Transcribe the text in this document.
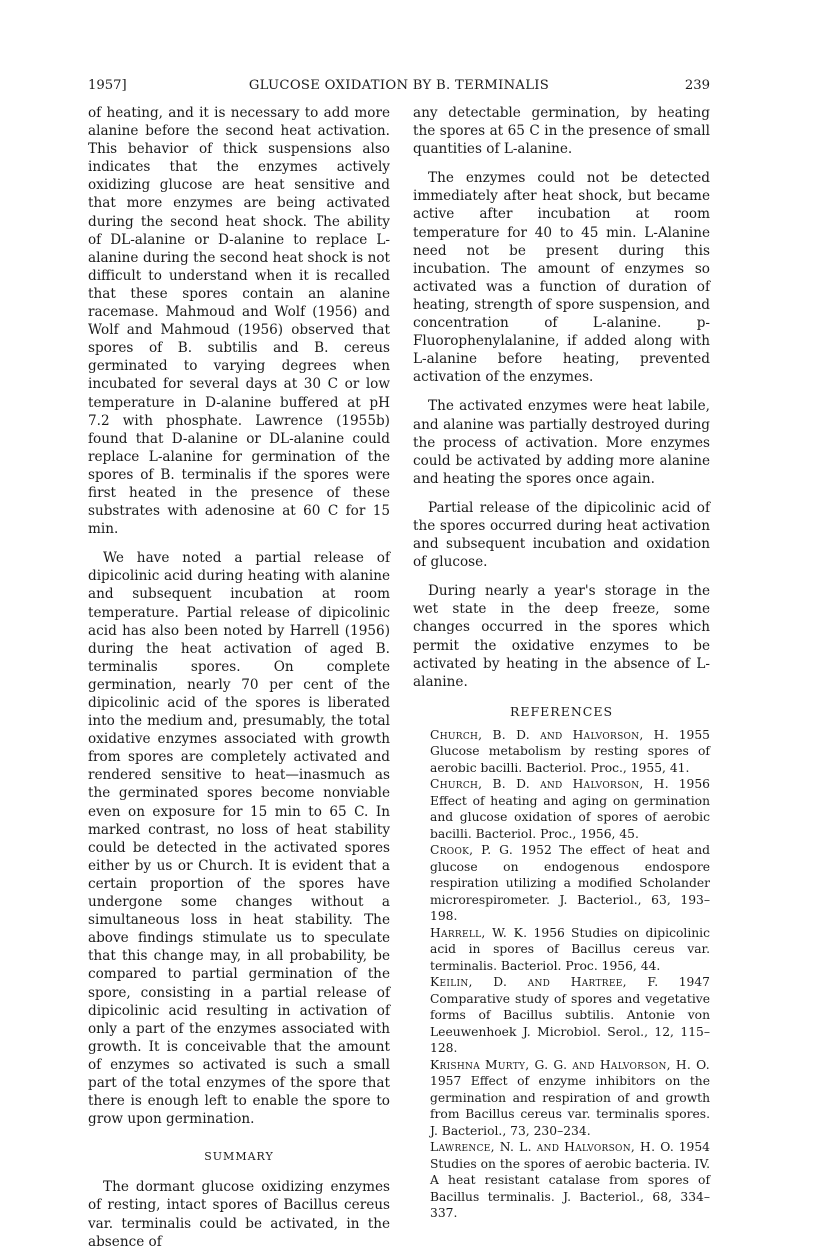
1957]	GLUCOSE OXIDATION BY B. TERMINALIS	239

of heating, and it is necessary to add more alanine before the second heat activation. This behavior of thick suspensions also indicates that the enzymes actively oxidizing glucose are heat sensitive and that more enzymes are being activated during the second heat shock. The ability of DL-alanine or D-alanine to replace L-alanine during the second heat shock is not difficult to understand when it is recalled that these spores contain an alanine racemase. Mahmoud and Wolf (1956) and Wolf and Mahmoud (1956) observed that spores of B. subtilis and B. cereus germinated to varying degrees when incubated for several days at 30 C or low temperature in D-alanine buffered at pH 7.2 with phosphate. Lawrence (1955b) found that D-alanine or DL-alanine could replace L-alanine for germination of the spores of B. terminalis if the spores were first heated in the presence of these substrates with adenosine at 60 C for 15 min.

We have noted a partial release of dipicolinic acid during heating with alanine and subsequent incubation at room temperature. Partial release of dipicolinic acid has also been noted by Harrell (1956) during the heat activation of aged B. terminalis spores. On complete germination, nearly 70 per cent of the dipicolinic acid of the spores is liberated into the medium and, presumably, the total oxidative enzymes associated with growth from spores are completely activated and rendered sensitive to heat—inasmuch as the germinated spores become nonviable even on exposure for 15 min to 65 C. In marked contrast, no loss of heat stability could be detected in the activated spores either by us or Church. It is evident that a certain proportion of the spores have undergone some changes without a simultaneous loss in heat stability. The above findings stimulate us to speculate that this change may, in all probability, be compared to partial germination of the spore, consisting in a partial release of dipicolinic acid resulting in activation of only a part of the enzymes associated with growth. It is conceivable that the amount of enzymes so activated is such a small part of the total enzymes of the spore that there is enough left to enable the spore to grow upon germination.

SUMMARY

The dormant glucose oxidizing enzymes of resting, intact spores of Bacillus cereus var. terminalis could be activated, in the absence of

any detectable germination, by heating the spores at 65 C in the presence of small quantities of L-alanine.

The enzymes could not be detected immediately after heat shock, but became active after incubation at room temperature for 40 to 45 min. L-Alanine need not be present during this incubation. The amount of enzymes so activated was a function of duration of heating, strength of spore suspension, and concentration of L-alanine. p-Fluorophenylalanine, if added along with L-alanine before heating, prevented activation of the enzymes.

The activated enzymes were heat labile, and alanine was partially destroyed during the process of activation. More enzymes could be activated by adding more alanine and heating the spores once again.

Partial release of the dipicolinic acid of the spores occurred during heat activation and subsequent incubation and oxidation of glucose.

During nearly a year's storage in the wet state in the deep freeze, some changes occurred in the spores which permit the oxidative enzymes to be activated by heating in the absence of L-alanine.

REFERENCES

Church, B. D. and Halvorson, H. 1955 Glucose metabolism by resting spores of aerobic bacilli. Bacteriol. Proc., 1955, 41.

Church, B. D. and Halvorson, H. 1956 Effect of heating and aging on germination and glucose oxidation of spores of aerobic bacilli. Bacteriol. Proc., 1956, 45.

Crook, P. G. 1952 The effect of heat and glucose on endogenous endospore respiration utilizing a modified Scholander microrespirometer. J. Bacteriol., 63, 193–198.

Harrell, W. K. 1956 Studies on dipicolinic acid in spores of Bacillus cereus var. terminalis. Bacteriol. Proc. 1956, 44.

Keilin, D. and Hartree, F. 1947 Comparative study of spores and vegetative forms of Bacillus subtilis. Antonie von Leeuwenhoek J. Microbiol. Serol., 12, 115–128.

Krishna Murty, G. G. and Halvorson, H. O. 1957 Effect of enzyme inhibitors on the germination and respiration of and growth from Bacillus cereus var. terminalis spores. J. Bacteriol., 73, 230–234.

Lawrence, N. L. and Halvorson, H. O. 1954 Studies on the spores of aerobic bacteria. IV. A heat resistant catalase from spores of Bacillus terminalis. J. Bacteriol., 68, 334–337.
